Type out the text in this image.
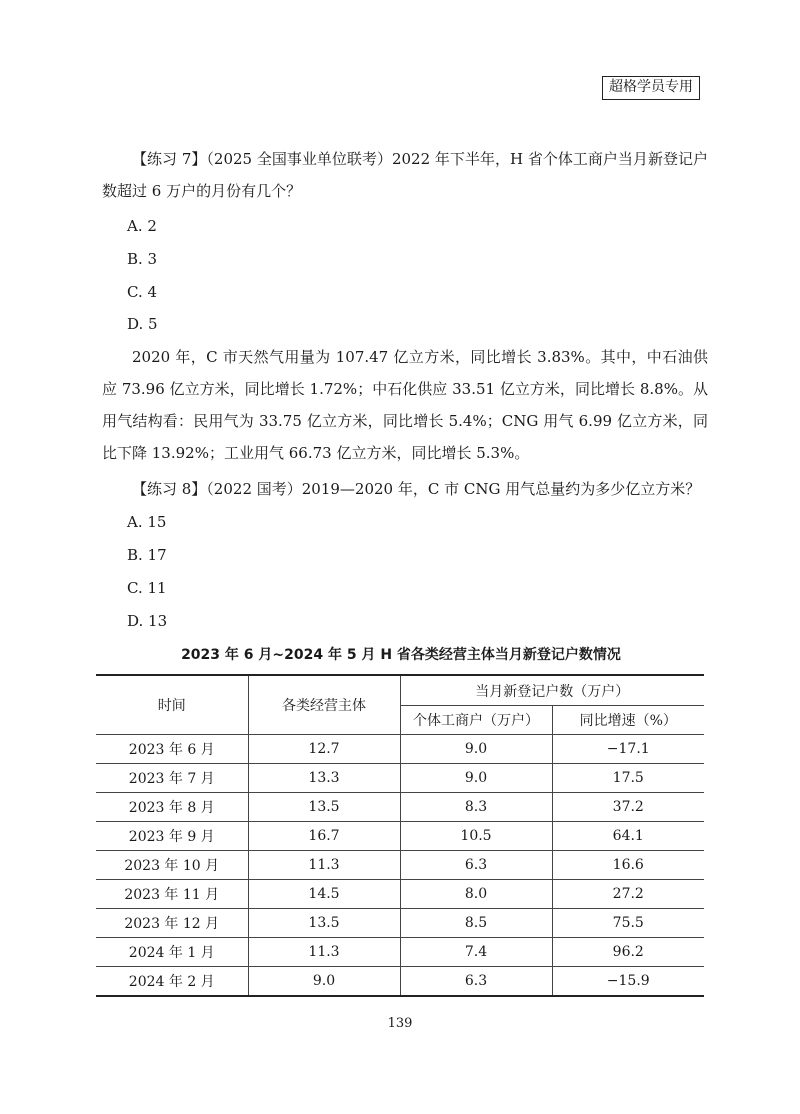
超格学员专用

【练习 7】（2025 全国事业单位联考）2022 年下半年，H 省个体工商户当月新登记户数超过 6 万户的月份有几个？

A. 2
B. 3
C. 4
D. 5

2020 年，C 市天然气用量为 107.47 亿立方米，同比增长 3.83%。其中，中石油供应 73.96 亿立方米，同比增长 1.72%；中石化供应 33.51 亿立方米，同比增长 8.8%。从用气结构看：民用气为 33.75 亿立方米，同比增长 5.4%；CNG 用气 6.99 亿立方米，同比下降 13.92%；工业用气 66.73 亿立方米，同比增长 5.3%。

【练习 8】（2022 国考）2019—2020 年，C 市 CNG 用气总量约为多少亿立方米？

A. 15
B. 17
C. 11
D. 13
2023 年 6 月~2024 年 5 月 H 省各类经营主体当月新登记户数情况
时间	各类经营主体	当月新登记户数（万户）	
		个体工商户（万户）	同比增速（%）
2023 年 6 月	12.7	9.0	−17.1
2023 年 7 月	13.3	9.0	17.5
2023 年 8 月	13.5	8.3	37.2
2023 年 9 月	16.7	10.5	64.1
2023 年 10 月	11.3	6.3	16.6
2023 年 11 月	14.5	8.0	27.2
2023 年 12 月	13.5	8.5	75.5
2024 年 1 月	11.3	7.4	96.2
2024 年 2 月	9.0	6.3	−15.9
139
